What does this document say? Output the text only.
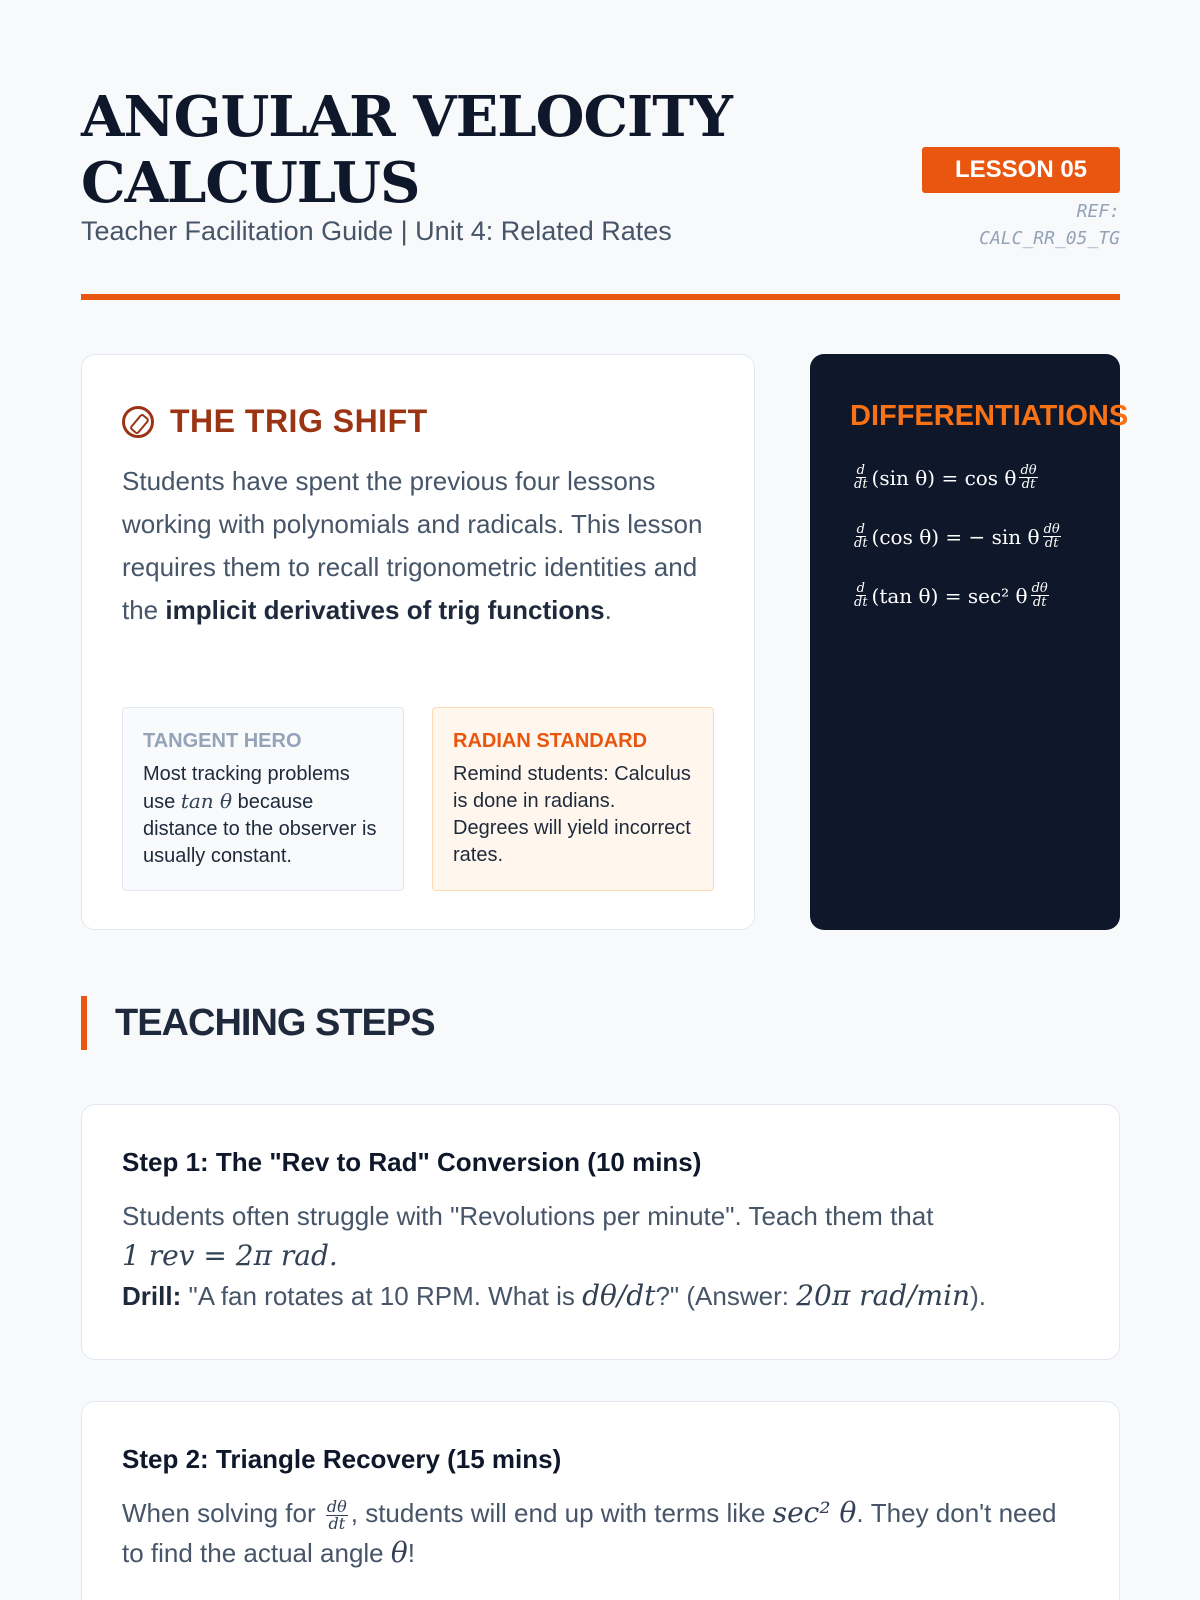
ANGULAR VELOCITY
CALCULUS
Teacher Facilitation Guide | Unit 4: Related Rates
LESSON 05
REF:
CALC_RR_05_TG
THE TRIG SHIFT
Students have spent the previous four lessons working with polynomials and radicals. This lesson requires them to recall trigonometric identities and the implicit derivatives of trig functions.
TANGENT HERO
Most tracking problems use tan θ because distance to the observer is usually constant.
RADIAN STANDARD
Remind students: Calculus is done in radians. Degrees will yield incorrect rates.
DIFFERENTIATIONS
$\frac{d}{dt} (\sin$ θ) = cos θ $\frac{d\theta}{dt}$
$\frac{d}{dt} (\cos$ θ) = − sin θ $\frac{d\theta}{dt}$
$\frac{d}{dt} (\tan$ θ) = sec² θ $\frac{d\theta}{dt}$
TEACHING STEPS
Step 1: The "Rev to Rad" Conversion (10 mins)
Students often struggle with "Revolutions per minute". Teach them that
1 rev = 2π rad.
Drill: "A fan rotates at 10 RPM. What is dθ/dt?" (Answer: 20π rad/min).
Step 2: Triangle Recovery (15 mins)
When solving for $\frac{d\theta}{dt}$ , students will end up with terms like sec² θ. They don't need to find the actual angle θ!
